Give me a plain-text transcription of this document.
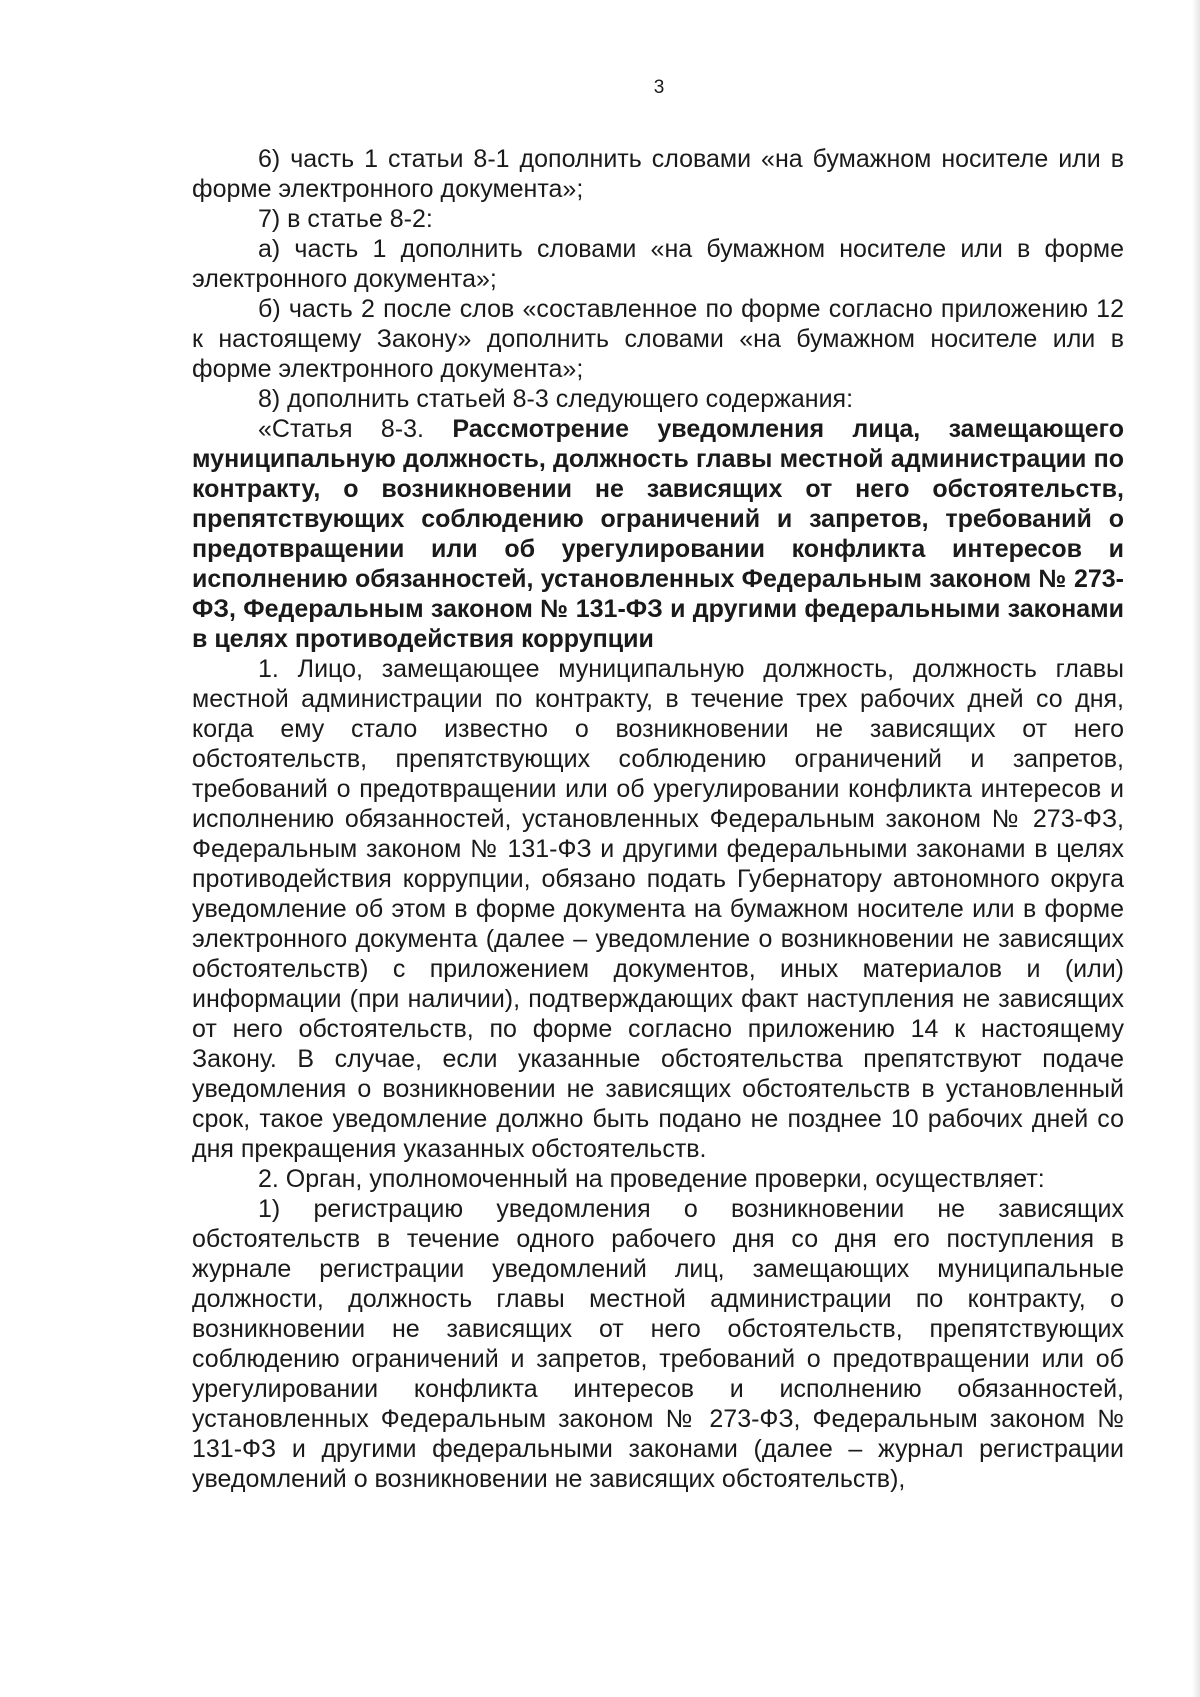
3

6) часть 1 статьи 8-1 дополнить словами «на бумажном носителе или в форме электронного документа»;

7) в статье 8-2:

а) часть 1 дополнить словами «на бумажном носителе или в форме электронного документа»;

б) часть 2 после слов «составленное по форме согласно приложению 12 к настоящему Закону» дополнить словами «на бумажном носителе или в форме электронного документа»;

8) дополнить статьей 8-3 следующего содержания:

«Статья 8-3. Рассмотрение уведомления лица, замещающего муниципальную должность, должность главы местной администрации по контракту, о возникновении не зависящих от него обстоятельств, препятствующих соблюдению ограничений и запретов, требований о предотвращении или об урегулировании конфликта интересов и исполнению обязанностей, установленных Федеральным законом № 273-ФЗ, Федеральным законом № 131-ФЗ и другими федеральными законами в целях противодействия коррупции

1. Лицо, замещающее муниципальную должность, должность главы местной администрации по контракту, в течение трех рабочих дней со дня, когда ему стало известно о возникновении не зависящих от него обстоятельств, препятствующих соблюдению ограничений и запретов, требований о предотвращении или об урегулировании конфликта интересов и исполнению обязанностей, установленных Федеральным законом № 273-ФЗ, Федеральным законом № 131-ФЗ и другими федеральными законами в целях противодействия коррупции, обязано подать Губернатору автономного округа уведомление об этом в форме документа на бумажном носителе или в форме электронного документа (далее – уведомление о возникновении не зависящих обстоятельств) с приложением документов, иных материалов и (или) информации (при наличии), подтверждающих факт наступления не зависящих от него обстоятельств, по форме согласно приложению 14 к настоящему Закону. В случае, если указанные обстоятельства препятствуют подаче уведомления о возникновении не зависящих обстоятельств в установленный срок, такое уведомление должно быть подано не позднее 10 рабочих дней со дня прекращения указанных обстоятельств.

2. Орган, уполномоченный на проведение проверки, осуществляет:

1) регистрацию уведомления о возникновении не зависящих обстоятельств в течение одного рабочего дня со дня его поступления в журнале регистрации уведомлений лиц, замещающих муниципальные должности, должность главы местной администрации по контракту, о возникновении не зависящих от него обстоятельств, препятствующих соблюдению ограничений и запретов, требований о предотвращении или об урегулировании конфликта интересов и исполнению обязанностей, установленных Федеральным законом № 273-ФЗ, Федеральным законом № 131-ФЗ и другими федеральными законами (далее – журнал регистрации уведомлений о возникновении не зависящих обстоятельств),
